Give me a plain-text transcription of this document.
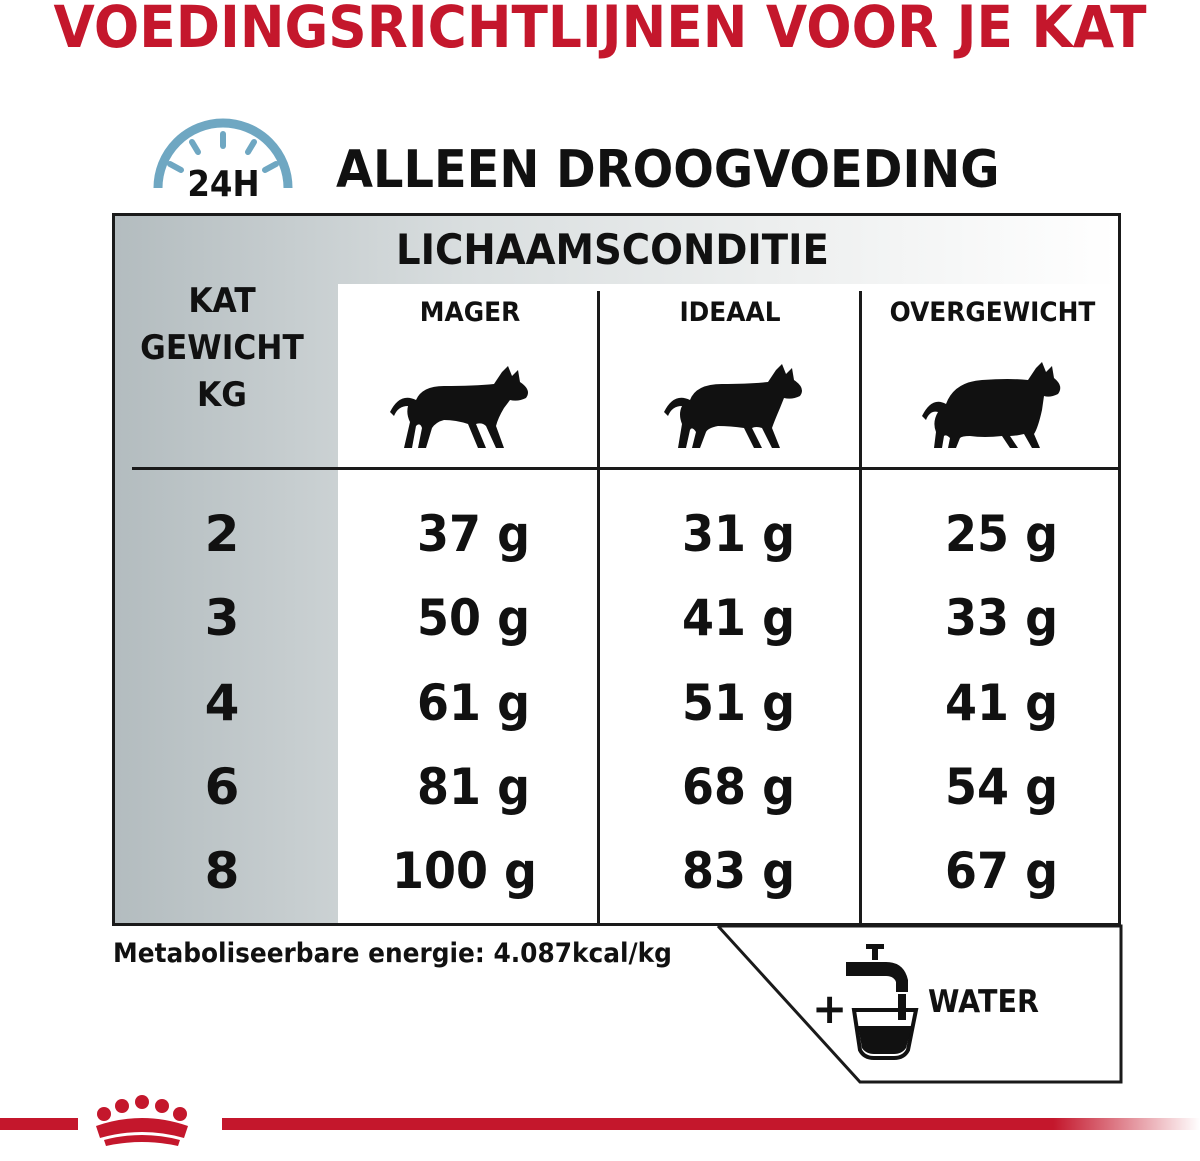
VOEDINGSRICHTLIJNEN VOOR JE KAT
24H ALLEEN DROOGVOEDING
LICHAAMSCONDITIE
KAT
GEWICHT
KG
MAGER	IDEAAL	OVERGEWICHT
2	37 g	31 g	25 g
3	50 g	41 g	33 g
4	61 g	51 g	41 g
6	81 g	68 g	54 g
8	100 g	83 g	67 g
Metaboliseerbare energie: 4.087kcal/kg
+	WATER
